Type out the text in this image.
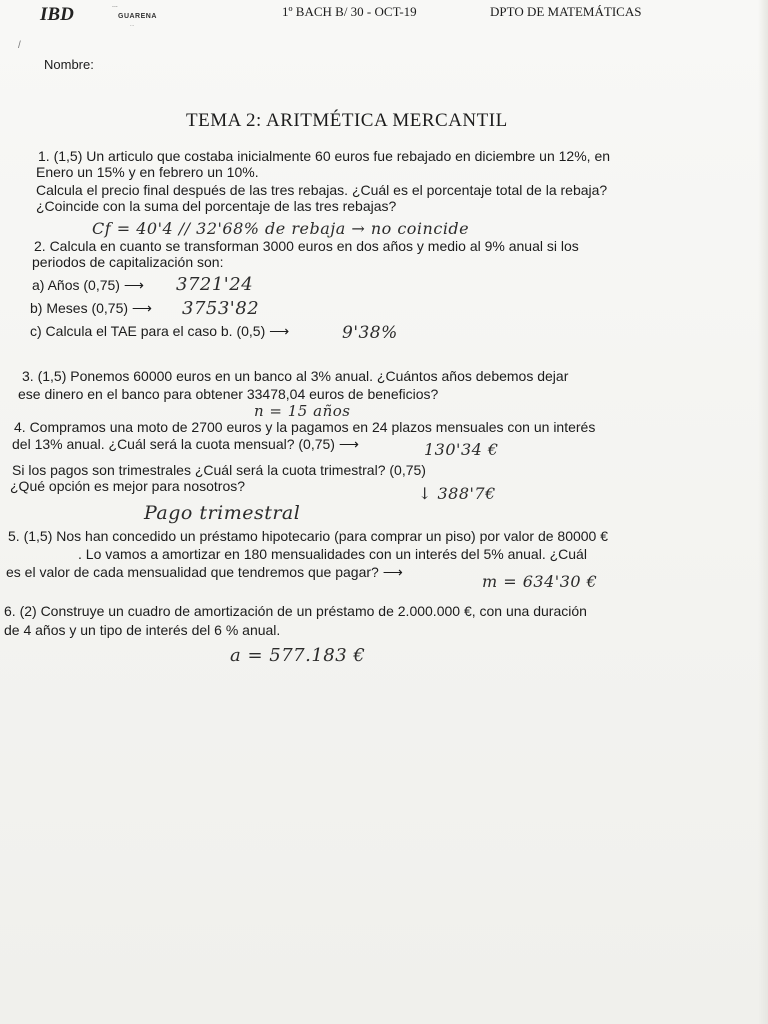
IBD	...
GUARENA
...
1º BACH B/ 30 - OCT-19	DPTO DE MATEMÁTICAS
/
Nombre:
TEMA 2: ARITMÉTICA MERCANTIL
1. (1,5) Un articulo que costaba inicialmente 60 euros fue rebajado en diciembre un 12%, en
Enero un 15% y en febrero un 10%.
Calcula el precio final después de las tres rebajas. ¿Cuál es el porcentaje total de la rebaja?
¿Coincide con la suma del porcentaje de las tres rebajas?
Cf = 40'4 // 32'68% de rebaja → no coincide
2. Calcula en cuanto se transforman 3000 euros en dos años y medio al 9% anual si los
periodos de capitalización son:
a) Años (0,75) ⟶ 3721'24
b) Meses (0,75) ⟶ 3753'82
c) Calcula el TAE para el caso b. (0,5) ⟶	9'38%
3. (1,5) Ponemos 60000 euros en un banco al 3% anual. ¿Cuántos años debemos dejar
ese dinero en el banco para obtener 33478,04 euros de beneficios?
n = 15 años
4. Compramos una moto de 2700 euros y la pagamos en 24 plazos mensuales con un interés
del 13% anual. ¿Cuál será la cuota mensual? (0,75) ⟶	130'34 €
Si los pagos son trimestrales ¿Cuál será la cuota trimestral? (0,75)
¿Qué opción es mejor para nosotros?	↓ 388'7€
Pago trimestral
5. (1,5) Nos han concedido un préstamo hipotecario (para comprar un piso) por valor de 80000 €
. Lo vamos a amortizar en 180 mensualidades con un interés del 5% anual. ¿Cuál
es el valor de cada mensualidad que tendremos que pagar? ⟶	m = 634'30 €
6. (2) Construye un cuadro de amortización de un préstamo de 2.000.000 €, con una duración
de 4 años y un tipo de interés del 6 % anual.
a = 577.183 €
